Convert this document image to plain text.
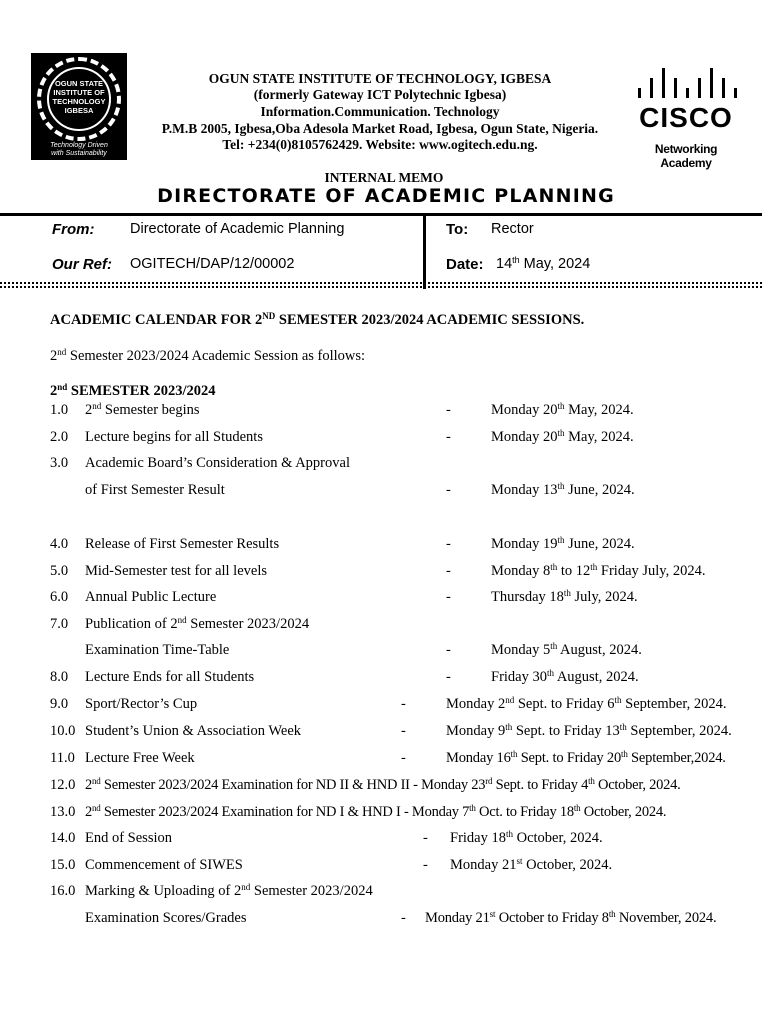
OGUN STATE
INSTITUTE OF
TECHNOLOGY
IGBESA
Technology Driven
with Sustainability
CISCO
Networking Academy
OGUN STATE INSTITUTE OF TECHNOLOGY, IGBESA
(formerly Gateway ICT Polytechnic Igbesa)
Information.Communication. Technology
P.M.B 2005, Igbesa,Oba Adesola Market Road, Igbesa, Ogun State, Nigeria.
Tel: +234(0)8105762429. Website: www.ogitech.edu.ng.
INTERNAL MEMO
DIRECTORATE OF ACADEMIC PLANNING
From: Directorate of Academic Planning	To: Rector
Our Ref: OGITECH/DAP/12/00002	Date: 14th May, 2024
ACADEMIC CALENDAR FOR 2ND SEMESTER 2023/2024 ACADEMIC SESSIONS.
2nd Semester 2023/2024 Academic Session as follows:
2nd SEMESTER 2023/2024
1.0 2nd Semester begins	-	Monday 20th May, 2024.
2.0 Lecture begins for all Students	-	Monday 20th May, 2024.
3.0 Academic Board’s Consideration & Approval
of First Semester Result	-	Monday 13th June, 2024.
4.0 Release of First Semester Results	-	Monday 19th June, 2024.
5.0 Mid-Semester test for all levels	-	Monday 8th to 12th Friday July, 2024.
6.0 Annual Public Lecture	-	Thursday 18th July, 2024.
7.0 Publication of 2nd Semester 2023/2024
Examination Time-Table	-	Monday 5th August, 2024.
8.0 Lecture Ends for all Students	-	Friday 30th August, 2024.
9.0 Sport/Rector’s Cup	-	Monday 2nd Sept. to Friday 6th September, 2024.
10.0 Student’s Union & Association Week	-	Monday 9th Sept. to Friday 13th September, 2024.
11.0 Lecture Free Week	-	Monday 16th Sept. to Friday 20th September,2024.
12.0 2nd Semester 2023/2024 Examination for ND II & HND II - Monday 23rd Sept. to Friday 4th October, 2024.
13.0 2nd Semester 2023/2024 Examination for ND I & HND I - Monday 7th Oct. to Friday 18th October, 2024.
14.0 End of Session	- Friday 18th October, 2024.
15.0 Commencement of SIWES	- Monday 21st October, 2024.
16.0 Marking & Uploading of 2nd Semester 2023/2024
Examination Scores/Grades	- Monday 21st October to Friday 8th November, 2024.
